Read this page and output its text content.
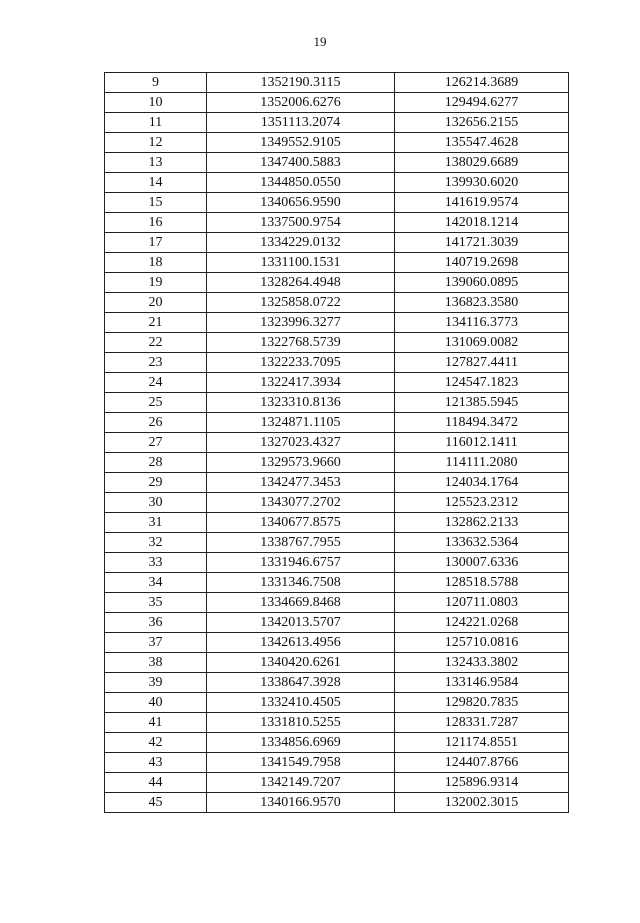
19
9	1352190.3115	126214.3689
10	1352006.6276	129494.6277
11	1351113.2074	132656.2155
12	1349552.9105	135547.4628
13	1347400.5883	138029.6689
14	1344850.0550	139930.6020
15	1340656.9590	141619.9574
16	1337500.9754	142018.1214
17	1334229.0132	141721.3039
18	1331100.1531	140719.2698
19	1328264.4948	139060.0895
20	1325858.0722	136823.3580
21	1323996.3277	134116.3773
22	1322768.5739	131069.0082
23	1322233.7095	127827.4411
24	1322417.3934	124547.1823
25	1323310.8136	121385.5945
26	1324871.1105	118494.3472
27	1327023.4327	116012.1411
28	1329573.9660	114111.2080
29	1342477.3453	124034.1764
30	1343077.2702	125523.2312
31	1340677.8575	132862.2133
32	1338767.7955	133632.5364
33	1331946.6757	130007.6336
34	1331346.7508	128518.5788
35	1334669.8468	120711.0803
36	1342013.5707	124221.0268
37	1342613.4956	125710.0816
38	1340420.6261	132433.3802
39	1338647.3928	133146.9584
40	1332410.4505	129820.7835
41	1331810.5255	128331.7287
42	1334856.6969	121174.8551
43	1341549.7958	124407.8766
44	1342149.7207	125896.9314
45	1340166.9570	132002.3015
